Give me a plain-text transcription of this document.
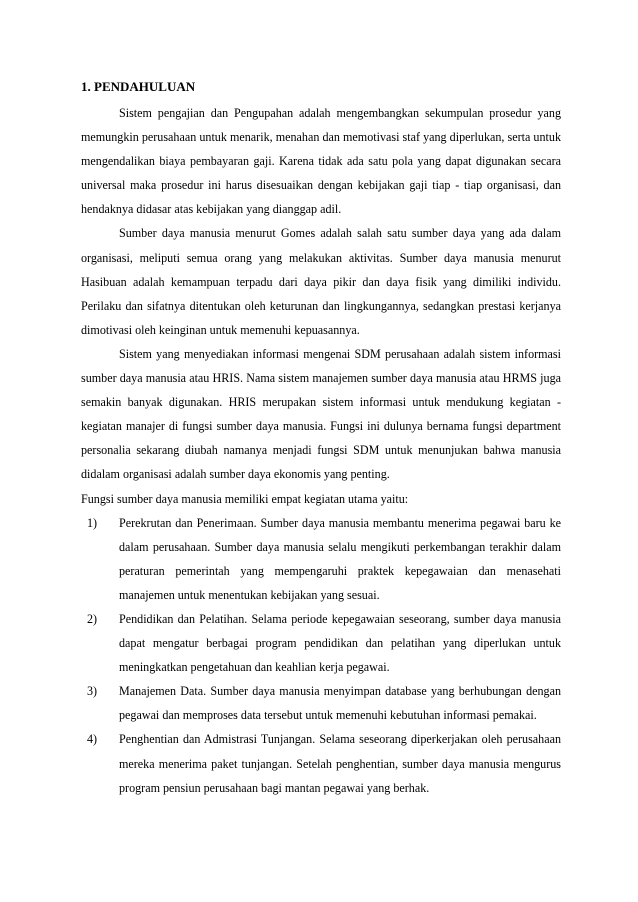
1. PENDAHULUAN

Sistem pengajian dan Pengupahan adalah mengembangkan sekumpulan prosedur yang memungkin perusahaan untuk menarik, menahan dan memotivasi staf yang diperlukan, serta untuk mengendalikan biaya pembayaran gaji. Karena tidak ada satu pola yang dapat digunakan secara universal maka prosedur ini harus disesuaikan dengan kebijakan gaji tiap - tiap organisasi, dan hendaknya didasar atas kebijakan yang dianggap adil.

Sumber daya manusia menurut Gomes adalah salah satu sumber daya yang ada dalam organisasi, meliputi semua orang yang melakukan aktivitas. Sumber daya manusia menurut Hasibuan adalah kemampuan terpadu dari daya pikir dan daya fisik yang dimiliki individu. Perilaku dan sifatnya ditentukan oleh keturunan dan lingkungannya, sedangkan prestasi kerjanya dimotivasi oleh keinginan untuk memenuhi kepuasannya.

Sistem yang menyediakan informasi mengenai SDM perusahaan adalah sistem informasi sumber daya manusia atau HRIS. Nama sistem manajemen sumber daya manusia atau HRMS juga semakin banyak digunakan. HRIS merupakan sistem informasi untuk mendukung kegiatan - kegiatan manajer di fungsi sumber daya manusia. Fungsi ini dulunya bernama fungsi department personalia sekarang diubah namanya menjadi fungsi SDM untuk menunjukan bahwa manusia didalam organisasi adalah sumber daya ekonomis yang penting.

Fungsi sumber daya manusia memiliki empat kegiatan utama yaitu:

1) Perekrutan dan Penerimaan. Sumber daya manusia membantu menerima pegawai baru ke dalam perusahaan. Sumber daya manusia selalu mengikuti perkembangan terakhir dalam peraturan pemerintah yang mempengaruhi praktek kepegawaian dan menasehati manajemen untuk menentukan kebijakan yang sesuai.
2) Pendidikan dan Pelatihan. Selama periode kepegawaian seseorang, sumber daya manusia dapat mengatur berbagai program pendidikan dan pelatihan yang diperlukan untuk meningkatkan pengetahuan dan keahlian kerja pegawai.
3) Manajemen Data. Sumber daya manusia menyimpan database yang berhubungan dengan pegawai dan memproses data tersebut untuk memenuhi kebutuhan informasi pemakai.
4) Penghentian dan Admistrasi Tunjangan. Selama seseorang diperkerjakan oleh perusahaan mereka menerima paket tunjangan. Setelah penghentian, sumber daya manusia mengurus program pensiun perusahaan bagi mantan pegawai yang berhak.
